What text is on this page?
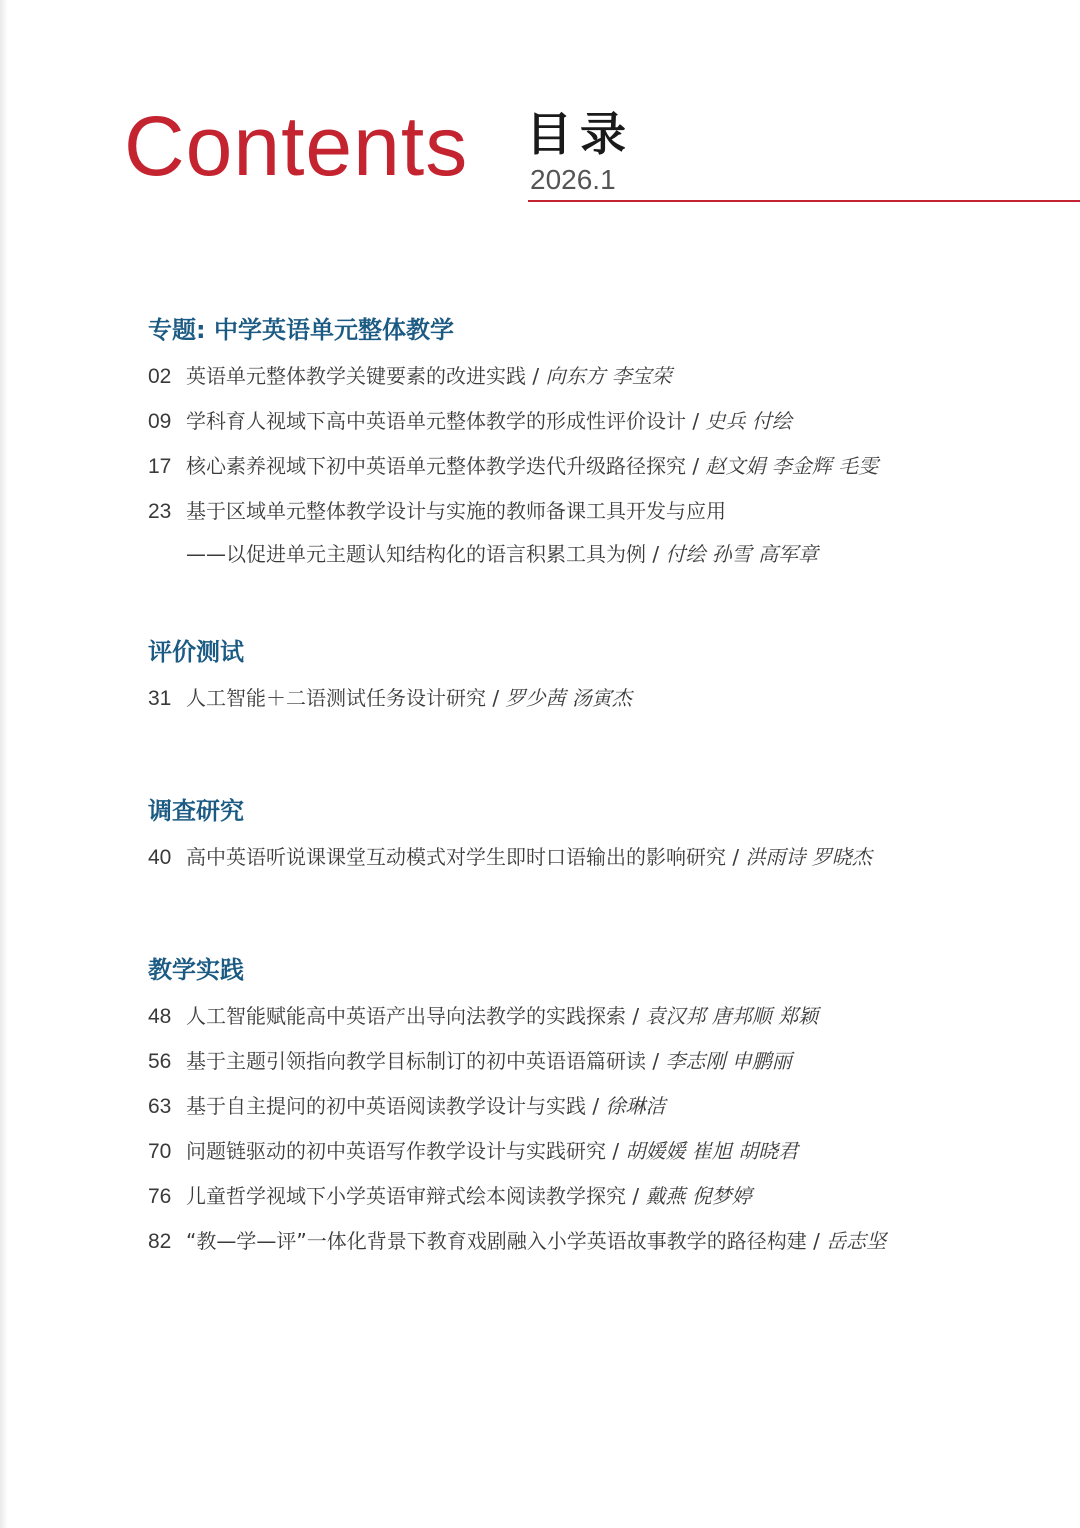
Contents 目录
2026.1
专题: 中学英语单元整体教学
02 英语单元整体教学关键要素的改进实践 / 向东方 李宝荣
09 学科育人视域下高中英语单元整体教学的形成性评价设计 / 史兵 付绘
17 核心素养视域下初中英语单元整体教学迭代升级路径探究 / 赵文娟 李金辉 毛雯
23 基于区域单元整体教学设计与实施的教师备课工具开发与应用
——以促进单元主题认知结构化的语言积累工具为例 / 付绘 孙雪 高军章
评价测试
31 人工智能＋二语测试任务设计研究 / 罗少茜 汤寅杰
调查研究
40 高中英语听说课课堂互动模式对学生即时口语输出的影响研究 / 洪雨诗 罗晓杰
教学实践
48 人工智能赋能高中英语产出导向法教学的实践探索 / 袁汉邦 唐邦顺 郑颖
56 基于主题引领指向教学目标制订的初中英语语篇研读 / 李志刚 申鹏丽
63 基于自主提问的初中英语阅读教学设计与实践 / 徐琳洁
70 问题链驱动的初中英语写作教学设计与实践研究 / 胡媛媛 崔旭 胡晓君
76 儿童哲学视域下小学英语审辩式绘本阅读教学探究 / 戴燕 倪梦婷
82 “教—学—评”一体化背景下教育戏剧融入小学英语故事教学的路径构建 / 岳志坚
